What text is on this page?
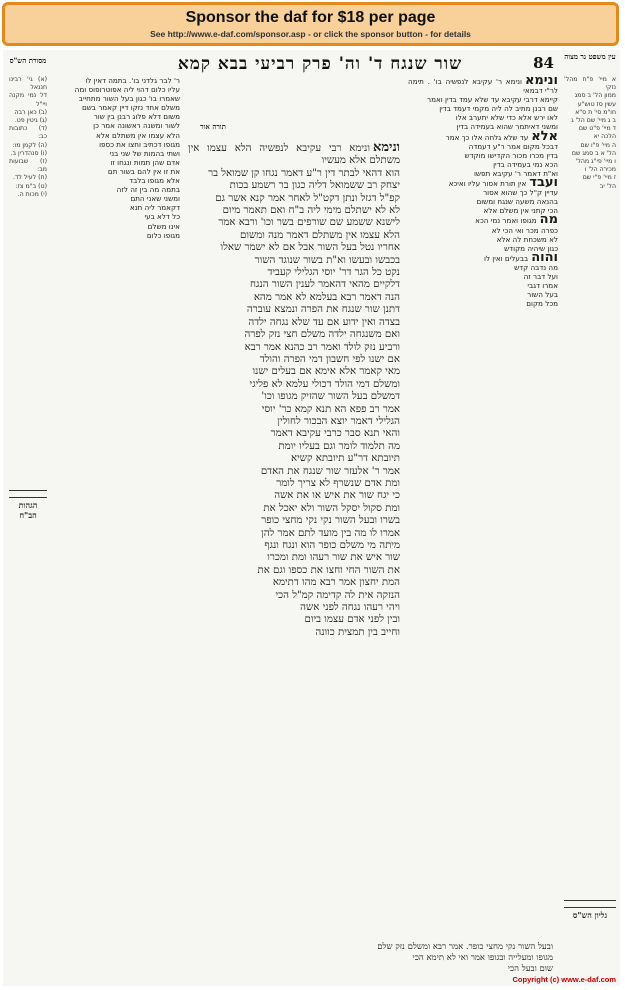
Sponsor the daf for $18 per page
See http://www.e-daf.com/sponsor.asp - or click the sponsor button - for details
84
שור שנגח ד' וה' פרק רביעי בבא קמא
מסורת הש"ס	עין משפט נר מצוה

א מיי' פ"ח מהל' נזקי

ממון הל' ב סמג

עשין סז טוש"ע

חו"מ סי' ת ס"א

ב ג מיי' שם הל' ג

ד מיי' פ"ט שם

הלכה יא

ה מיי' פ"ו שם

הל' א ב סמג שם

ו מיי' פי"ג מהל'

מכירה הל' ו

ז מיי' פ"י שם

הל' יב

ונימאונימא ר' עקיבא לנפשיה בו' . תימה לר"י דבמאי

קיימא דרבי עקיבא עד שלא עמד בדין ואמר

שם רבנן מתיב לה ליה מקמי דעמד בדין

לאו ירש אלא כדי שלא יתערב אלו

ומשני דאיתמר שהוא בעמידה בדין

אלאעד שלא גלחה אלו כך אמר

דבכל מקום אמר ר"ע דעמדה

בדין מכרו מכור הקדישו מוקדש

הכא נמי בעמידה בדין

וא"ת דאמר ר' עקיבא תפשו

ועבדאין תורת אסור עליו ואיכא

עדיין ק"ל כך שהוא אסור

בהנאה משעה שנגח ומשום

הכי קתני אין משלם אלא

מהמגופו ואמר נמי הכא

כפרה מכר ואי הכי לא

לא משכחת לה אלא

כגון שיהיה מקודש

והוהבבעלים ואין לו

מה נדבה קדש

ועל דבר זה

אמרו דגבי

בעל השור

מכל מקום

ונימאונימא רבי עקיבא לנפשיה הלא עצמו אין משתלם אלא מעשיו

הוא דהאי לבתר דין ר"ע דאמר נגחו קן שמואל בר

יצחק רב ששמואל דליה כגון בר רשמע בכות

קפ"ל דגזל ונתן דקט"ל לאחר אמר קנא אשר גם

לא לא ישתלם מימי ליה ב"ח ואם תאמר מיום

לישנא ששמע שם שורפים בשר וכו' ורבא אמר

הלא עצמו אין משתלם דאמר מנה ומשום

אחריו נטל בעל השור אבל אם לא ישמר שאלו

בכבשו ובעשו וא"ת בשור שנוגד השור

נקט כל הגר דר' יוסי הגלילי קעביד

דלקיים מהאי דהאמר לענין השור הנגח

הנה דאמר רבא בעלמא לא אמר מהא

דתנן שור שנגח את הפרה ונמצא עוברה

בצדה ואין ידוע אם עד שלא נגחה ילדה

ואם משנגחה ילדה משלם חצי נזק לפרה

ורביע נזק לולד ואמר רב כהנא אמר רבא

אם ישנו לפי חשבון דמי הפרה והולד

מאי קאמר אלא אימא אם בעלים ישנו

ומשלם דמי הולד דכולי עלמא לא פליגי

דמשלם בעל השור שהזיק מגופו וכו'

אמר רב פפא הא תנא קמא כר' יוסי

הגלילי דאמר יוצא הבכור לחולין

והאי תנא סבר כרבי עקיבא דאמר

מה תלמוד לומר וגם בעליו יומת

תיובתא דר"ע תיובתא קשיא

אמר ר' אלעזר שור שנגח את האדם

ומת אדם שנשרף לא צריך לומר

כי יגח שור את איש או את אשה

ומת סקול יסקל השור ולא יאכל את

בשרו ובעל השור נקי נקי מחצי כופר

אמרו לו מה בין מועד לתם אמר להן

מיתה מי משלם כופר הוא ונגח ונגף

שור איש את שור רעהו ומת ומכרו

את השור החי וחצו את כספו וגם את

המת יחצון אמר רבא מהו דתימא

הנזקה אית לה קדימה קמ"ל הכי

ויהי רעהו נגחה לפני אשה

ובין לפני אדם עצמו ביום

וחייב בין תמצית כוונה

ר' לבר גלדני בו'. בתמה דאין לו

עליו כלום דהוי ליה אפוטרופוס ומה

שאמרו בו' כגון בעל השור מתחייב

משלם אחד נזקו דיין קאמר בשם

משום דלא פלוג רבנן בין שור

לשור ומשנה ראשונה אמר כן

הלא עצמו אין משתלם אלא

מגופו דכתיב וחצו את כספו

ושתי בהמות של שני בני

אדם שהן תמות ונגחו זו

את זו אין להם בשור תם

אלא מגופו בלבד

בתמה מה בין זה לזה

ומשני שאני התם

דקאמר ליה תנא

כל דלא בעי

אינו משלם

מגופו כלום

(א) גי' רבינו חננאל

דל נמי מקנה ויי"ל

(ב) כאן רבה

(ג) גיטין פט.

(ד) כתובות כב:

(ה) לקמן מו:

(ו) סנהדרין ב.

(ז) שבועות מב:

(ח) לעיל לד.

(ט) ב"מ צז:

(י) מכות ה.

הגהות הב"ח
גליון הש"ס
תורה אור

ובעל השור נקי מחצי כופר. אמר רבא ומשלם נזק שלם

מגופו ומעלייה ובגופו אמר ואי לא תימא הכי

שום ובעל הכי

Copyright (c) www.e-daf.com
